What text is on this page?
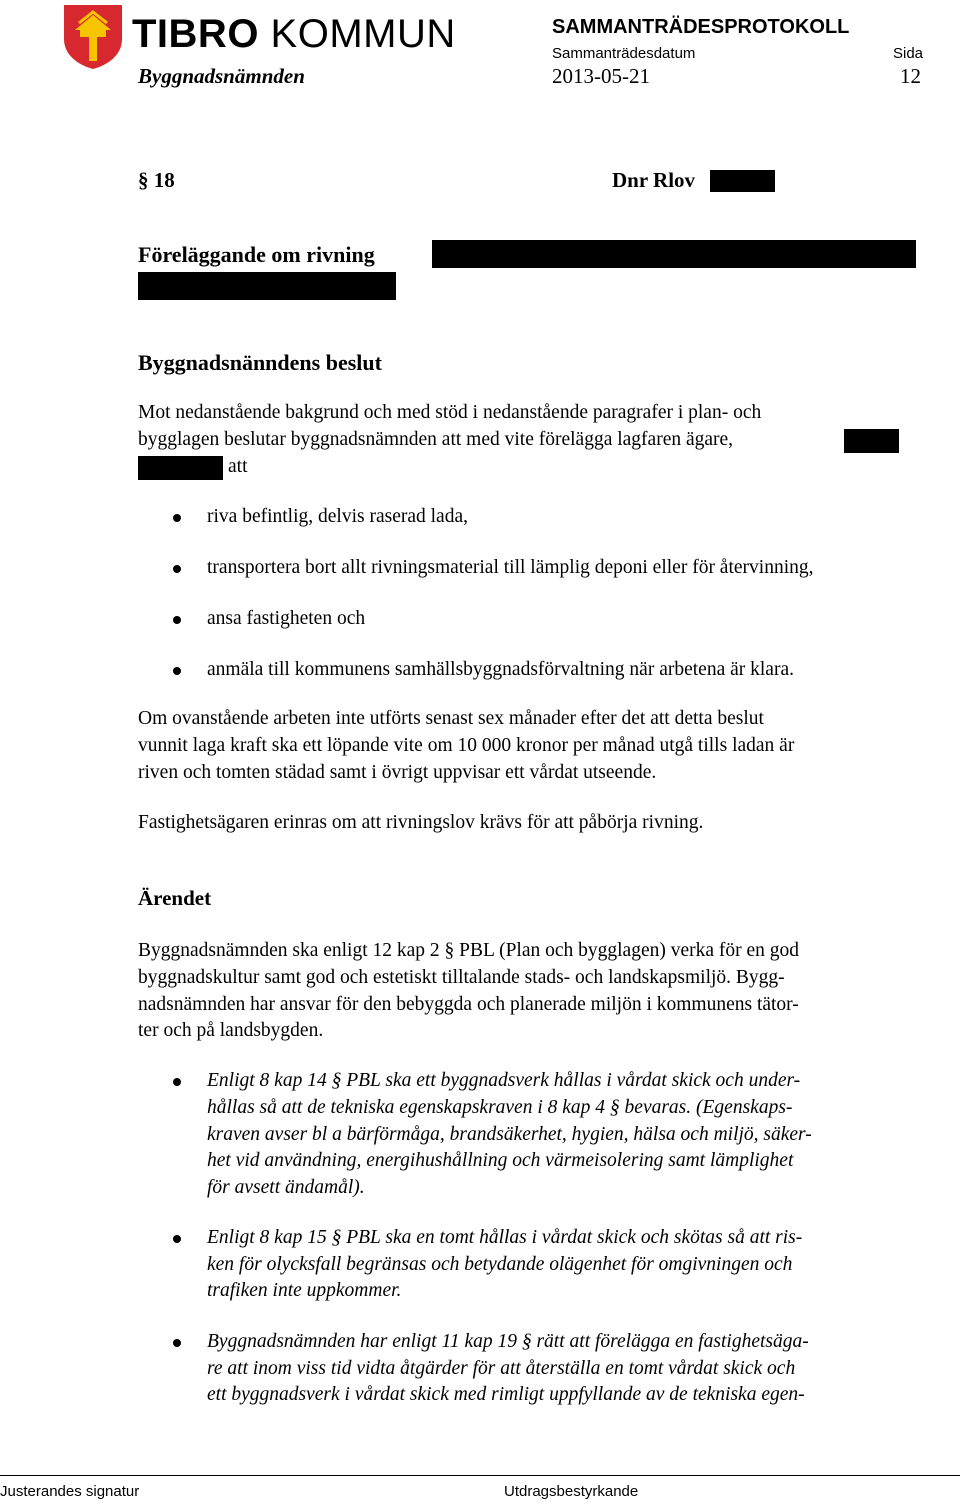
TIBRO KOMMUN	SAMMANTRÄDESPROTOKOLL
Sammanträdesdatum	Sida
Byggnadsnämnden	2013-05-21	12
§ 18	Dnr Rlov
Föreläggande om rivning
Byggnadsnänndens beslut
Mot nedanstående bakgrund och med stöd i nedanstående paragrafer i plan- och
bygglagen beslutar byggnadsnämnden att med vite förelägga lagfaren ägare,
att
riva befintlig, delvis raserad lada,
transportera bort allt rivningsmaterial till lämplig deponi eller för återvinning,
ansa fastigheten och
anmäla till kommunens samhällsbyggnadsförvaltning när arbetena är klara.
Om ovanstående arbeten inte utförts senast sex månader efter det att detta beslut
vunnit laga kraft ska ett löpande vite om 10 000 kronor per månad utgå tills ladan är
riven och tomten städad samt i övrigt uppvisar ett vårdat utseende.
Fastighetsägaren erinras om att rivningslov krävs för att påbörja rivning.
Ärendet
Byggnadsnämnden ska enligt 12 kap 2 § PBL (Plan och bygglagen) verka för en god
byggnadskultur samt god och estetiskt tilltalande stads- och landskapsmiljö. Bygg-
nadsnämnden har ansvar för den bebyggda och planerade miljön i kommunens tätor-
ter och på landsbygden.
Enligt 8 kap 14 § PBL ska ett byggnadsverk hållas i vårdat skick och under-
hållas så att de tekniska egenskapskraven i 8 kap 4 § bevaras. (Egenskaps-
kraven avser bl a bärförmåga, brandsäkerhet, hygien, hälsa och miljö, säker-
het vid användning, energihushållning och värmeisolering samt lämplighet
för avsett ändamål).
Enligt 8 kap 15 § PBL ska en tomt hållas i vårdat skick och skötas så att ris-
ken för olycksfall begränsas och betydande olägenhet för omgivningen och
trafiken inte uppkommer.
Byggnadsnämnden har enligt 11 kap 19 § rätt att förelägga en fastighetsäga-
re att inom viss tid vidta åtgärder för att återställa en tomt vårdat skick och
ett byggnadsverk i vårdat skick med rimligt uppfyllande av de tekniska egen-
Justerandes signatur	Utdragsbestyrkande
